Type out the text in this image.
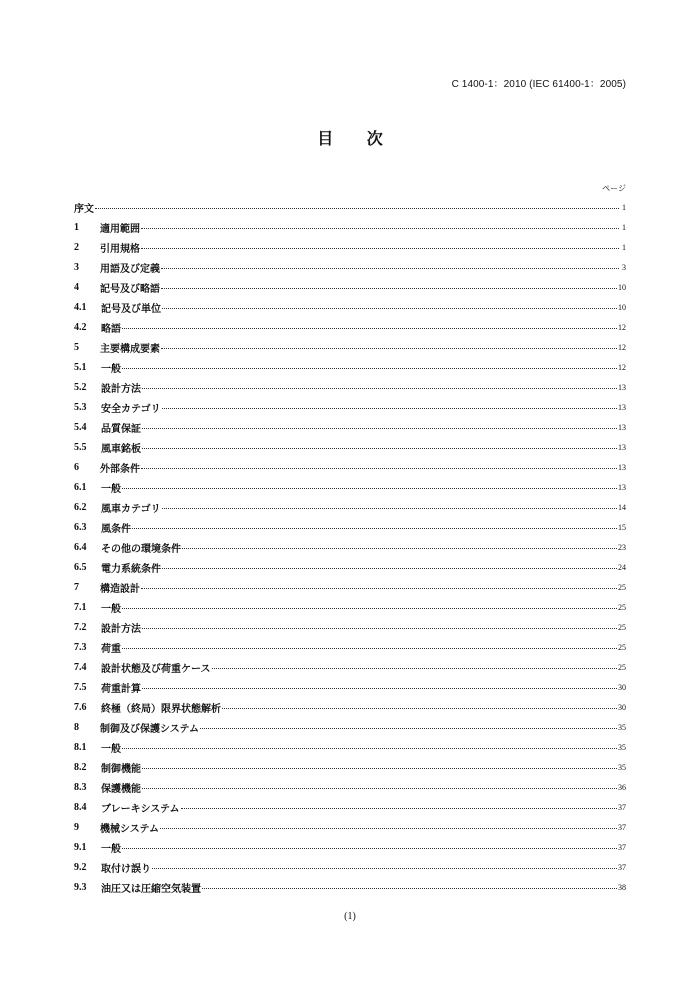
C 1400-1：2010 (IEC 61400-1：2005)
目 次
ページ
序文	1
1	適用範囲	1
2	引用規格	1
3	用語及び定義	3
4	記号及び略語	10
4.1	記号及び単位	10
4.2	略語	12
5	主要構成要素	12
5.1	一般	12
5.2	設計方法	13
5.3	安全カテゴリ	13
5.4	品質保証	13
5.5	風車銘板	13
6	外部条件	13
6.1	一般	13
6.2	風車カテゴリ	14
6.3	風条件	15
6.4	その他の環境条件	23
6.5	電力系統条件	24
7	構造設計	25
7.1	一般	25
7.2	設計方法	25
7.3	荷重	25
7.4	設計状態及び荷重ケース	25
7.5	荷重計算	30
7.6	終極（終局）限界状態解析	30
8	制御及び保護システム	35
8.1	一般	35
8.2	制御機能	35
8.3	保護機能	36
8.4	ブレーキシステム	37
9	機械システム	37
9.1	一般	37
9.2	取付け誤り	37
9.3	油圧又は圧縮空気装置	38
(1)
